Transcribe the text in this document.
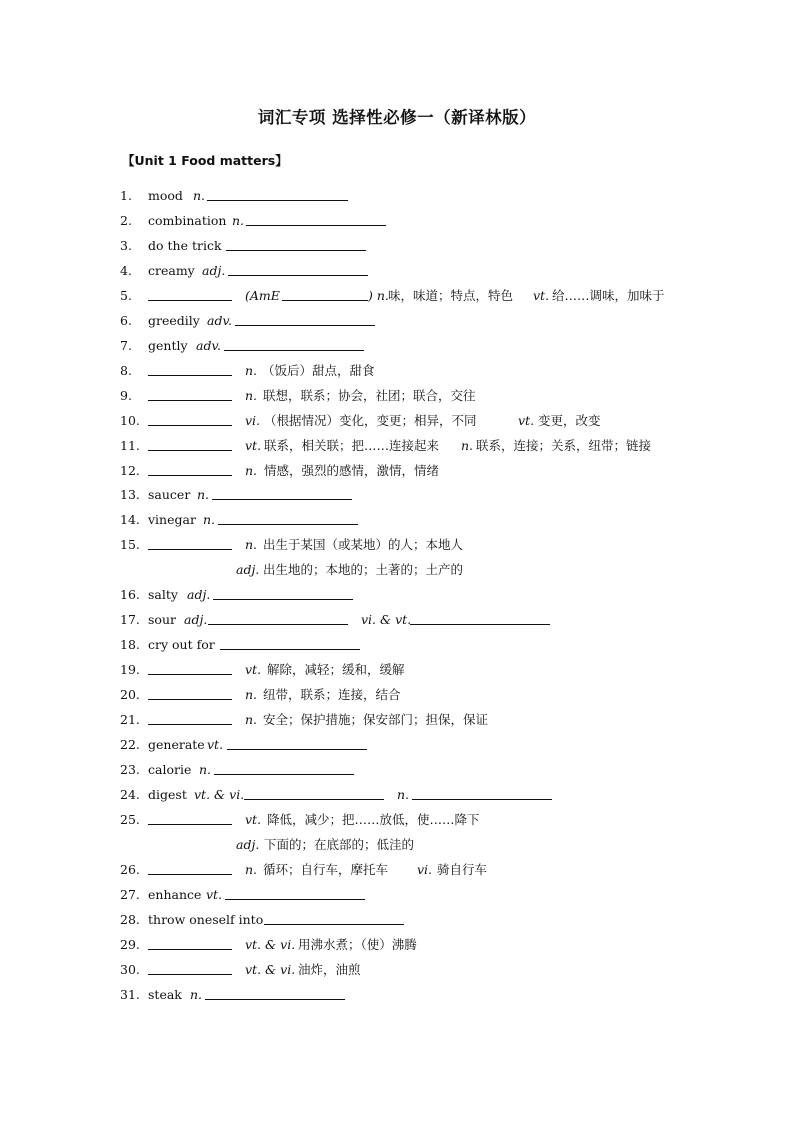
词汇专项 选择性必修一（新译林版）
【Unit 1 Food matters】
1. mood n.
2. combination n.
3. do the trick
4. creamy adj.
5.	(AmE	) n. 味，味道；特点，特色 vt. 给……调味，加味于
6. greedily adv.
7. gently adv.
8.	n. （饭后）甜点，甜食
9.	n. 联想，联系；协会，社团；联合，交往
10.	vi. （根据情况）变化，变更；相异，不同	vt. 变更，改变
11.	vt. 联系，相关联；把……连接起来 n. 联系，连接；关系，纽带；链接
12.	n. 情感，强烈的感情，激情，情绪
13. saucer n.
14. vinegar n.
15.	n. 出生于某国（或某地）的人；本地人
adj. 出生地的；本地的；土著的；土产的
16. salty adj.
17. sour adj.	vi. & vt.
18. cry out for
19.	vt. 解除，减轻；缓和，缓解
20.	n. 纽带，联系；连接，结合
21.	n. 安全；保护措施；保安部门；担保，保证
22. generate vt.
23. calorie n.
24. digest vt. & vi.	n.
25.	vt. 降低，减少；把……放低，使……降下
adj. 下面的；在底部的；低洼的
26.	n. 循环；自行车，摩托车 vi. 骑自行车
27. enhance vt.
28. throw oneself into
29.	vt. & vi. 用沸水煮；（使）沸腾
30.	vt. & vi. 油炸，油煎
31. steak n.
